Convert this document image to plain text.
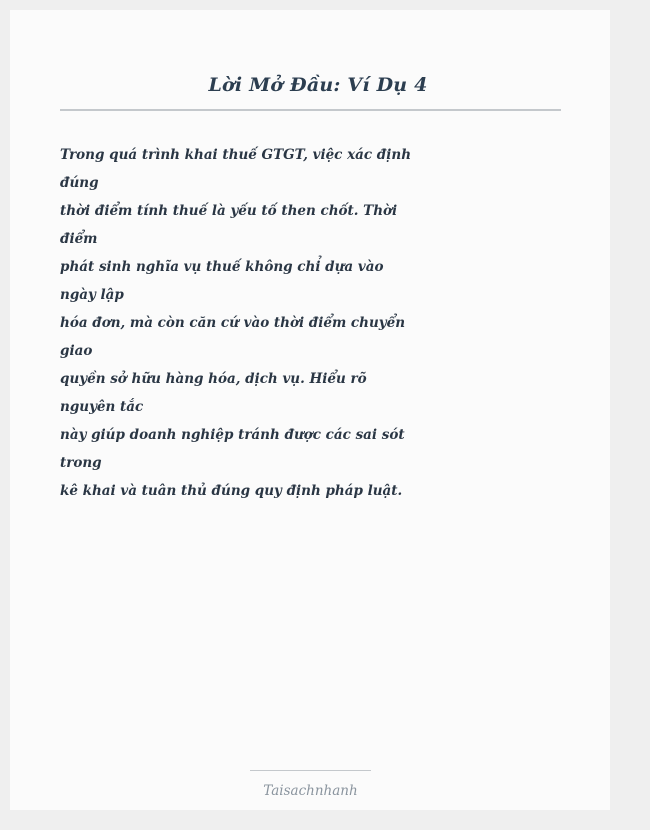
Lời Mở Đầu: Ví Dụ 4
Trong quá trình khai thuế GTGT, việc xác định
đúng
thời điểm tính thuế là yếu tố then chốt. Thời
điểm
phát sinh nghĩa vụ thuế không chỉ dựa vào
ngày lập
hóa đơn, mà còn căn cứ vào thời điểm chuyển
giao
quyền sở hữu hàng hóa, dịch vụ. Hiểu rõ
nguyên tắc
này giúp doanh nghiệp tránh được các sai sót
trong
kê khai và tuân thủ đúng quy định pháp luật.
Taisachnhanh
